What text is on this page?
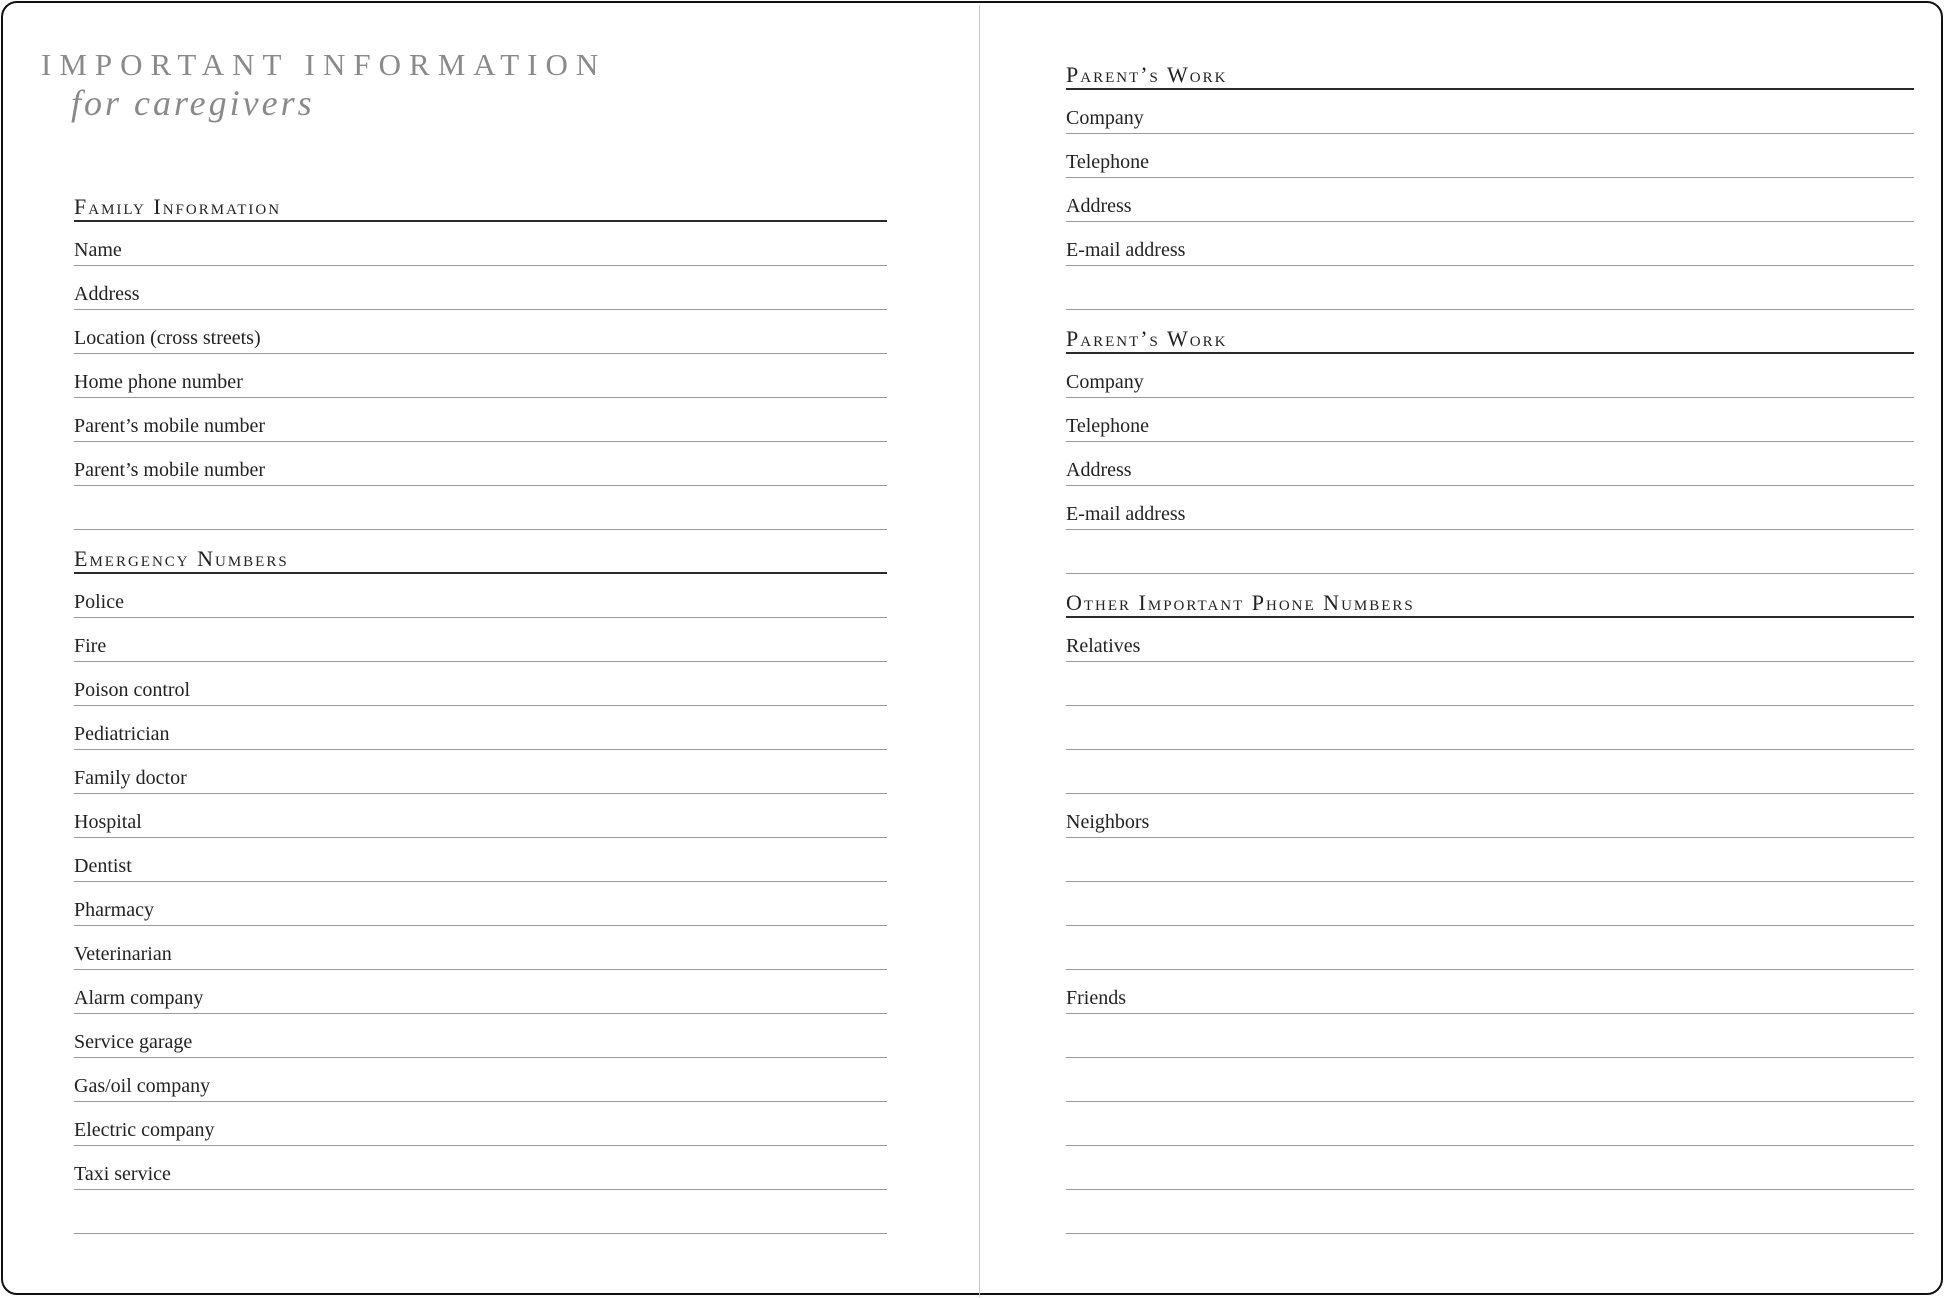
IMPORTANT INFORMATION
for caregivers
Family Information
Name
Address
Location (cross streets)
Home phone number
Parent’s mobile number
Parent’s mobile number
Emergency Numbers
Police
Fire
Poison control
Pediatrician
Family doctor
Hospital
Dentist
Pharmacy
Veterinarian
Alarm company
Service garage
Gas/oil company
Electric company
Taxi service
Parent’s Work
Company
Telephone
Address
E-mail address
Parent’s Work
Company
Telephone
Address
E-mail address
Other Important Phone Numbers
Relatives
Neighbors
Friends
